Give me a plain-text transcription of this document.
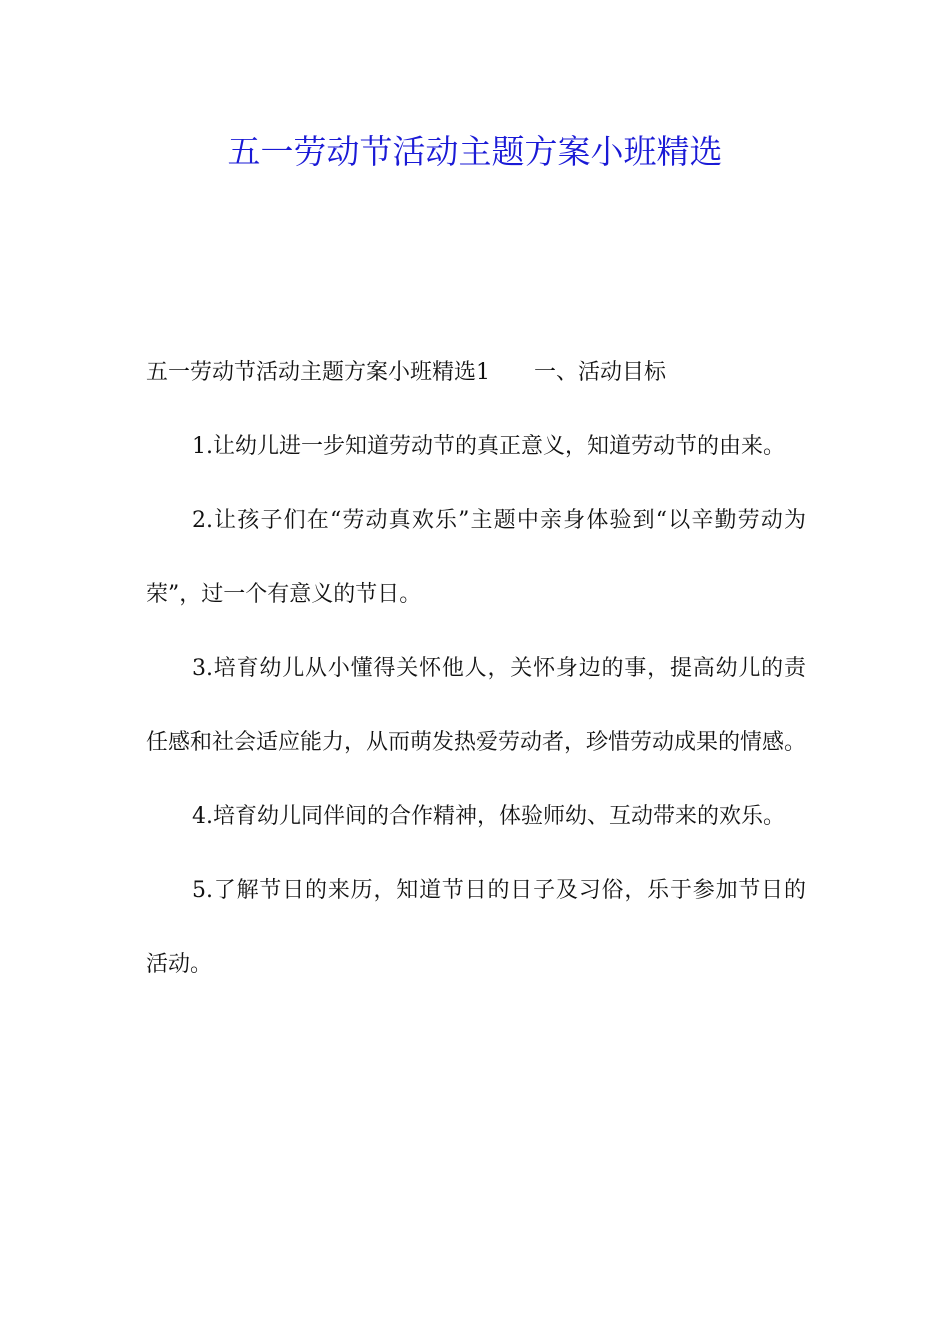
五一劳动节活动主题方案小班精选

五一劳动节活动主题方案小班精选1 一、活动目标

1.让幼儿进一步知道劳动节的真正意义，知道劳动节的由来。

2.让孩子们在“劳动真欢乐”主题中亲身体验到“以辛勤劳动为荣”，过一个有意义的节日。

3.培育幼儿从小懂得关怀他人，关怀身边的事，提高幼儿的责任感和社会适应能力，从而萌发热爱劳动者，珍惜劳动成果的情感。

4.培育幼儿同伴间的合作精神，体验师幼、互动带来的欢乐。

5.了解节日的来历，知道节日的日子及习俗，乐于参加节日的活动。
